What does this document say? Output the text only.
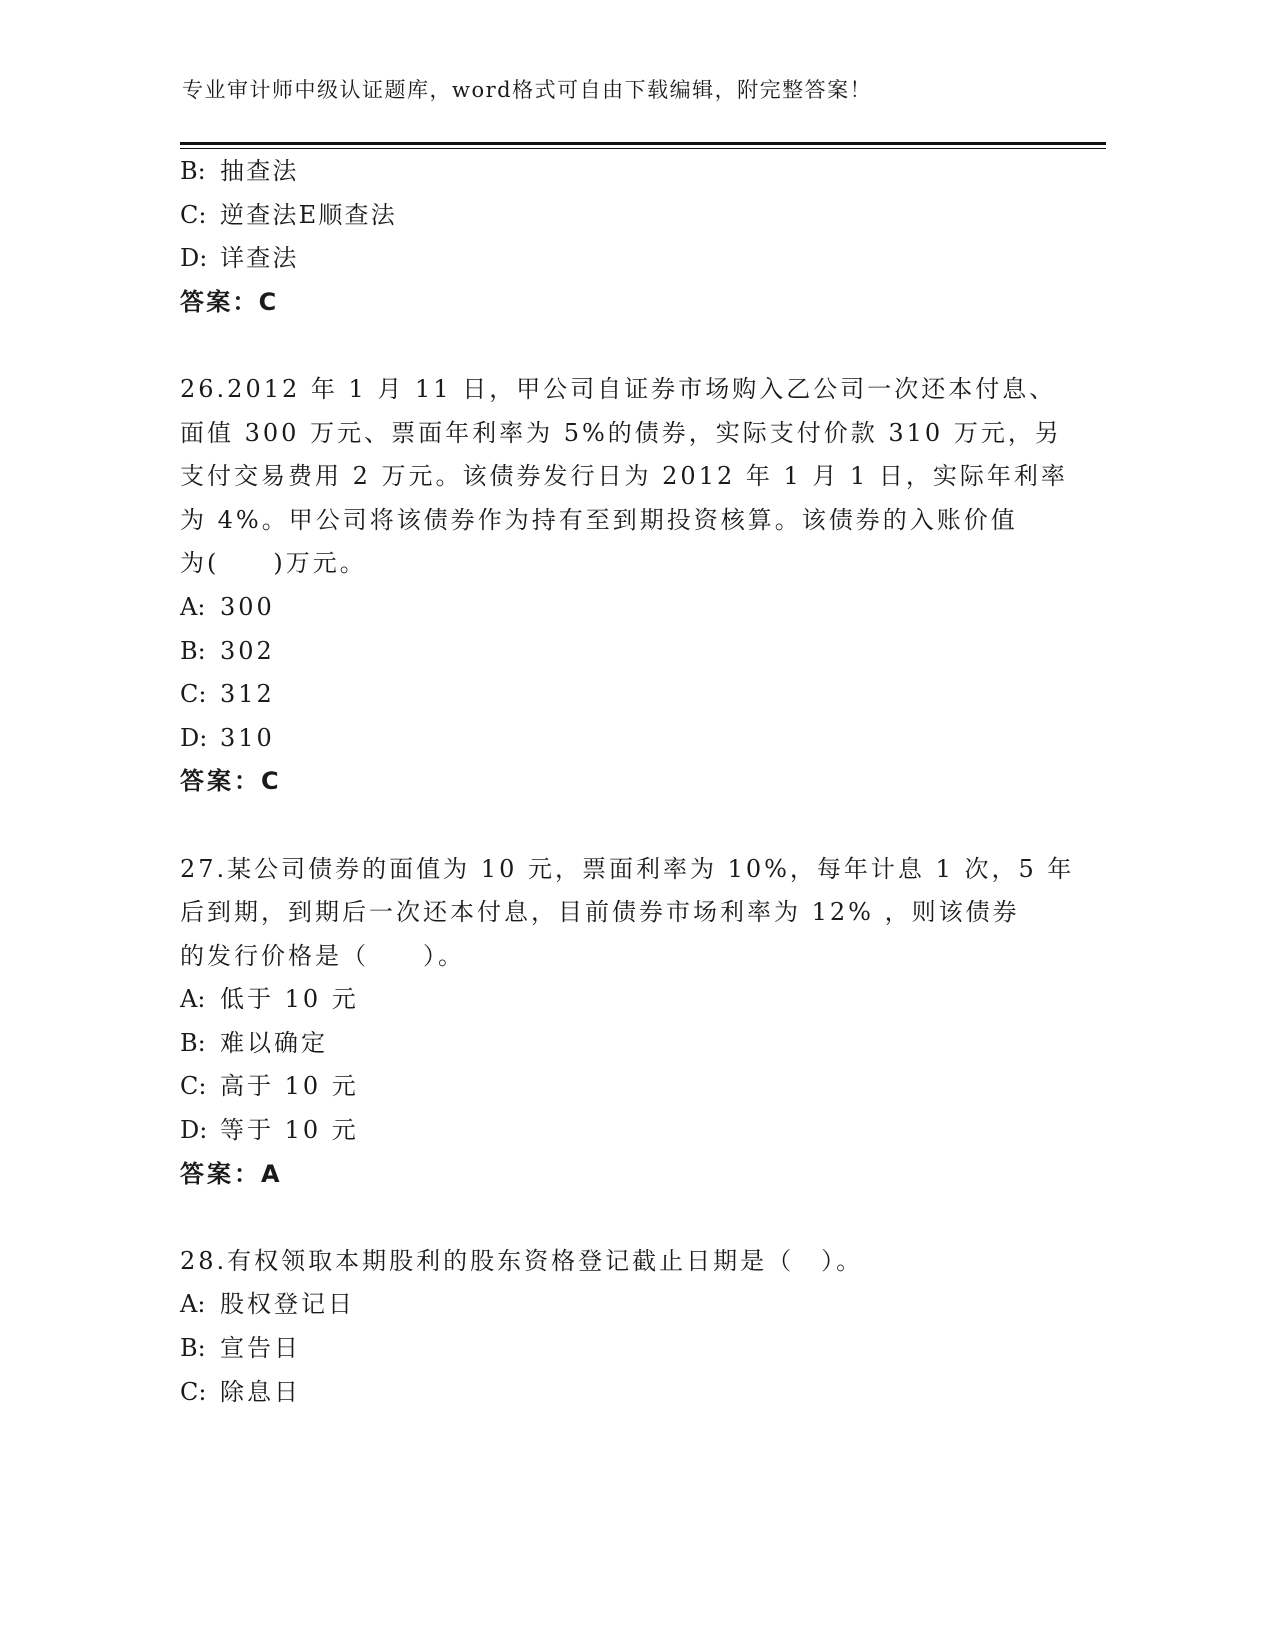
专业审计师中级认证题库，word格式可自由下载编辑，附完整答案！
B: 抽查法
C: 逆查法E顺查法
D: 详查法
答案：C
26.2012 年 1 月 11 日，甲公司自证券市场购入乙公司一次还本付息、
面值 300 万元、票面年利率为 5%的债券，实际支付价款 310 万元，另
支付交易费用 2 万元。该债券发行日为 2012 年 1 月 1 日，实际年利率
为 4%。甲公司将该债券作为持有至到期投资核算。该债券的入账价值
为(　　)万元。
A: 300
B: 302
C: 312
D: 310
答案：C
27.某公司债券的面值为 10 元，票面利率为 10%，每年计息 1 次，5 年
后到期，到期后一次还本付息，目前债券市场利率为 12% ，则该债券
的发行价格是（　　）。
A: 低于 10 元
B: 难以确定
C: 高于 10 元
D: 等于 10 元
答案：A
28.有权领取本期股利的股东资格登记截止日期是（　）。
A: 股权登记日
B: 宣告日
C: 除息日
